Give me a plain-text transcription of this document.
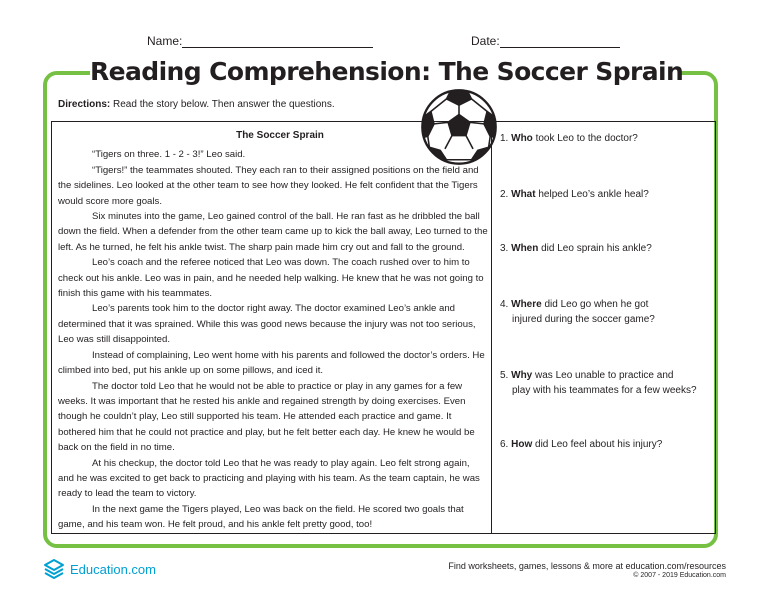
Name:	Date:
Reading Comprehension: The Soccer Sprain
Directions: Read the story below. Then answer the questions.
The Soccer Sprain

“Tigers on three. 1 - 2 - 3!” Leo said.

“Tigers!” the teammates shouted. They each ran to their assigned positions on the field and the sidelines. Leo looked at the other team to see how they looked. He felt confident that the Tigers would score more goals.

Six minutes into the game, Leo gained control of the ball. He ran fast as he dribbled the ball down the field. When a defender from the other team came up to kick the ball away, Leo turned to the left. As he turned, he felt his ankle twist. The sharp pain made him cry out and fall to the ground.

Leo’s coach and the referee noticed that Leo was down. The coach rushed over to him to check out his ankle. Leo was in pain, and he needed help walking. He knew that he was not going to finish this game with his teammates.

Leo’s parents took him to the doctor right away. The doctor examined Leo’s ankle and determined that it was sprained. While this was good news because the injury was not too serious, Leo was still disappointed.

Instead of complaining, Leo went home with his parents and followed the doctor’s orders. He climbed into bed, put his ankle up on some pillows, and iced it.

The doctor told Leo that he would not be able to practice or play in any games for a few weeks. It was important that he rested his ankle and regained strength by doing exercises. Even though he couldn’t play, Leo still supported his team. He attended each practice and game. It bothered him that he could not practice and play, but he felt better each day. He knew he would be back on the field in no time.

At his checkup, the doctor told Leo that he was ready to play again. Leo felt strong again, and he was excited to get back to practicing and playing with his team. As the team captain, he was ready to lead the team to victory.

In the next game the Tigers played, Leo was back on the field. He scored two goals that game, and his team won. He felt proud, and his ankle felt pretty good, too!

1. Who took Leo to the doctor?
2. What helped Leo’s ankle heal?
3. When did Leo sprain his ankle?
4. Where did Leo go when he got
injured during the soccer game?
5. Why was Leo unable to practice and
play with his teammates for a few weeks?
6. How did Leo feel about his injury?
Education.com	Find worksheets, games, lessons & more at education.com/resources
© 2007 - 2019 Education.com
